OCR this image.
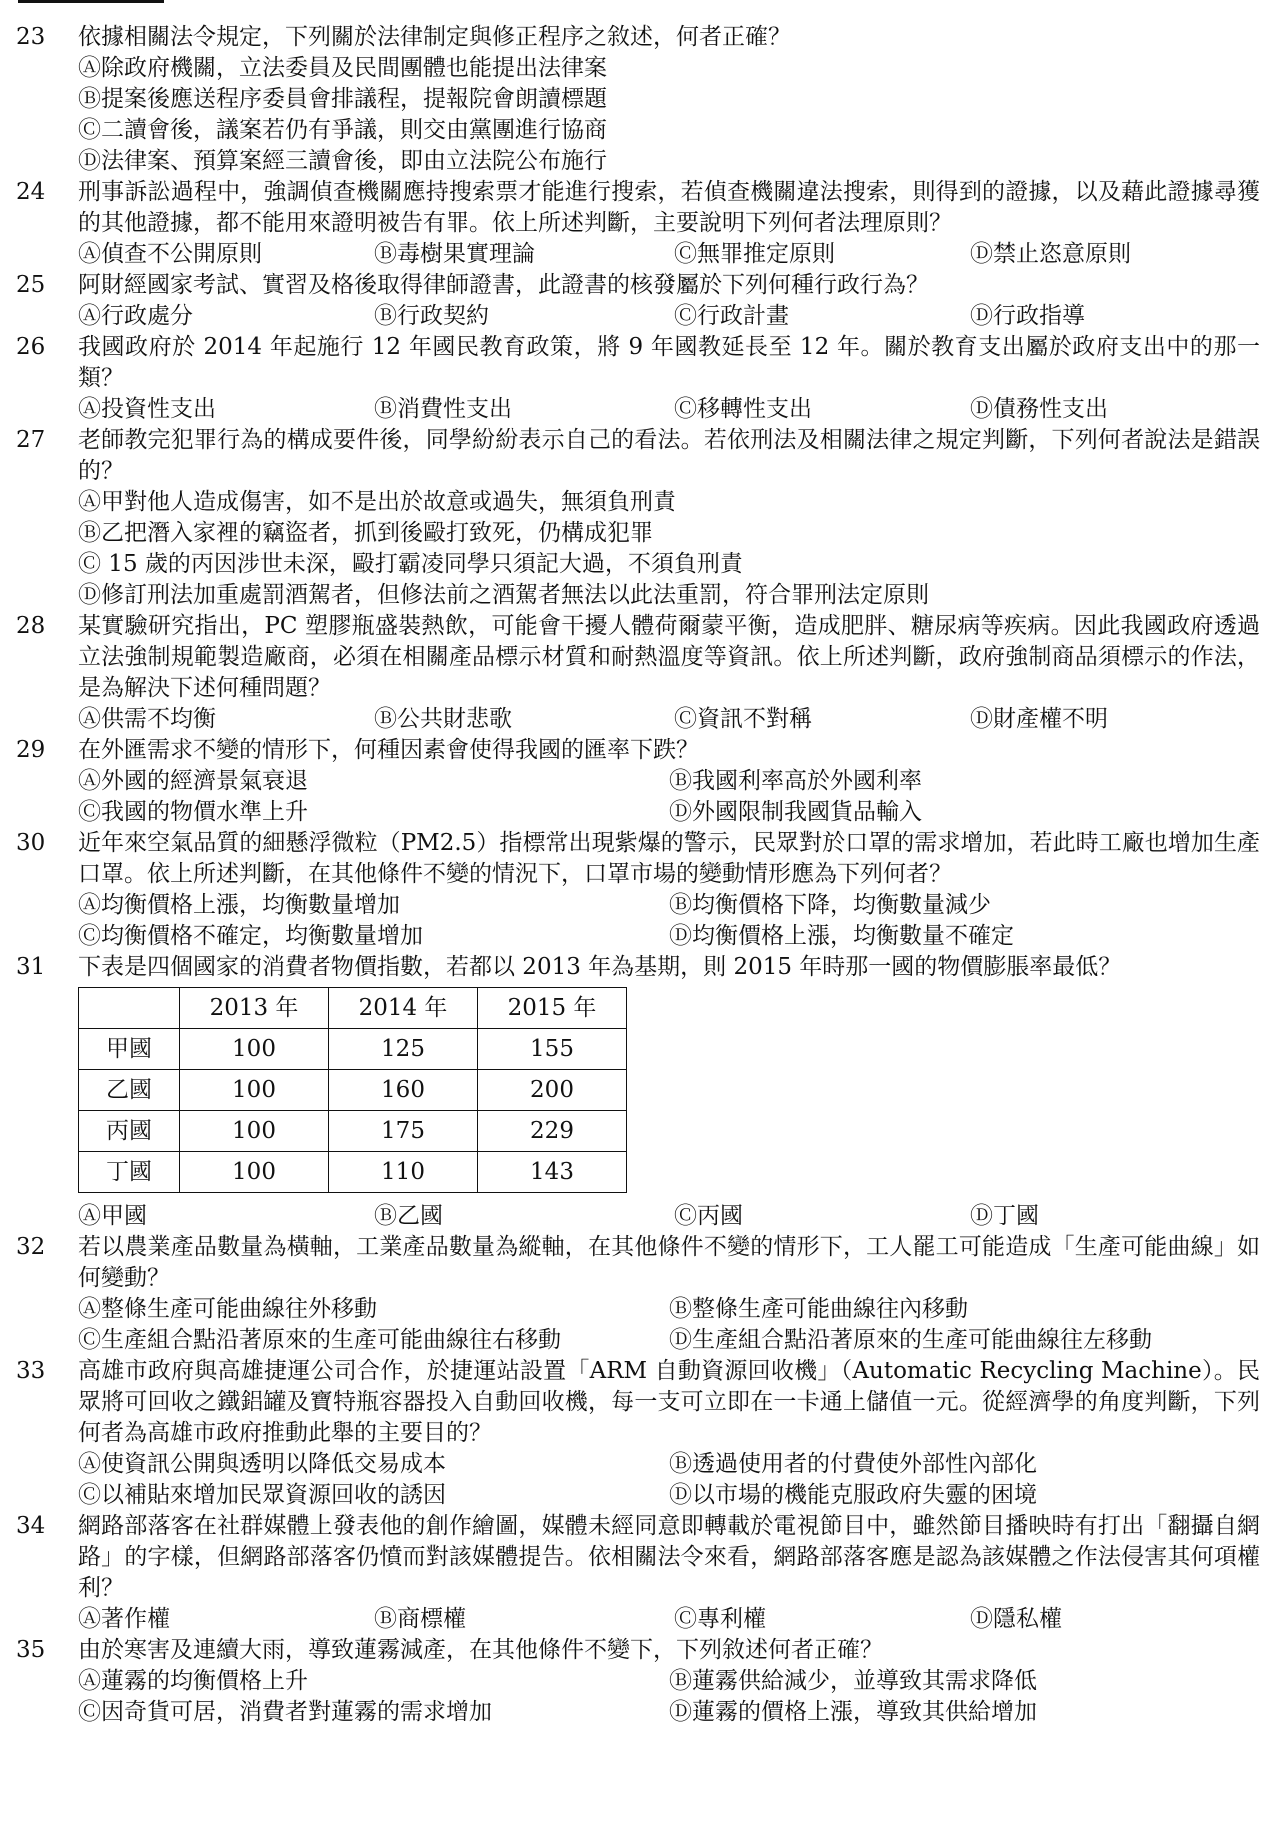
23	依據相關法令規定，下列關於法律制定與修正程序之敘述，何者正確？
Ⓐ除政府機關，立法委員及民間團體也能提出法律案
Ⓑ提案後應送程序委員會排議程，提報院會朗讀標題
Ⓒ二讀會後，議案若仍有爭議，則交由黨團進行協商
Ⓓ法律案、預算案經三讀會後，即由立法院公布施行
24	刑事訴訟過程中，強調偵查機關應持搜索票才能進行搜索，若偵查機關違法搜索，則得到的證據，以及藉此證據尋獲的其他證據，都不能用來證明被告有罪。依上所述判斷，主要說明下列何者法理原則？
Ⓐ偵查不公開原則	Ⓑ毒樹果實理論	Ⓒ無罪推定原則	Ⓓ禁止恣意原則
25	阿財經國家考試、實習及格後取得律師證書，此證書的核發屬於下列何種行政行為？
Ⓐ行政處分	Ⓑ行政契約	Ⓒ行政計畫	Ⓓ行政指導
26	我國政府於 2014 年起施行 12 年國民教育政策，將 9 年國教延長至 12 年。關於教育支出屬於政府支出中的那一類？
Ⓐ投資性支出	Ⓑ消費性支出	Ⓒ移轉性支出	Ⓓ債務性支出
27	老師教完犯罪行為的構成要件後，同學紛紛表示自己的看法。若依刑法及相關法律之規定判斷，下列何者說法是錯誤的？
Ⓐ甲對他人造成傷害，如不是出於故意或過失，無須負刑責
Ⓑ乙把潛入家裡的竊盜者，抓到後毆打致死，仍構成犯罪
Ⓒ 15 歲的丙因涉世未深，毆打霸凌同學只須記大過，不須負刑責
Ⓓ修訂刑法加重處罰酒駕者，但修法前之酒駕者無法以此法重罰，符合罪刑法定原則
28	某實驗研究指出，PC 塑膠瓶盛裝熱飲，可能會干擾人體荷爾蒙平衡，造成肥胖、糖尿病等疾病。因此我國政府透過立法強制規範製造廠商，必須在相關產品標示材質和耐熱溫度等資訊。依上所述判斷，政府強制商品須標示的作法，是為解決下述何種問題？
Ⓐ供需不均衡	Ⓑ公共財悲歌	Ⓒ資訊不對稱	Ⓓ財產權不明
29	在外匯需求不變的情形下，何種因素會使得我國的匯率下跌？
Ⓐ外國的經濟景氣衰退	Ⓑ我國利率高於外國利率
Ⓒ我國的物價水準上升	Ⓓ外國限制我國貨品輸入
30	近年來空氣品質的細懸浮微粒（PM2.5）指標常出現紫爆的警示，民眾對於口罩的需求增加，若此時工廠也增加生產口罩。依上所述判斷，在其他條件不變的情況下，口罩市場的變動情形應為下列何者？
Ⓐ均衡價格上漲，均衡數量增加	Ⓑ均衡價格下降，均衡數量減少
Ⓒ均衡價格不確定，均衡數量增加	Ⓓ均衡價格上漲，均衡數量不確定
31	下表是四個國家的消費者物價指數，若都以 2013 年為基期，則 2015 年時那一國的物價膨脹率最低？
	2013 年	2014 年	2015 年
甲國	100	125	155
乙國	100	160	200
丙國	100	175	229
丁國	100	110	143
Ⓐ甲國	Ⓑ乙國	Ⓒ丙國	Ⓓ丁國
32	若以農業產品數量為橫軸，工業產品數量為縱軸，在其他條件不變的情形下，工人罷工可能造成「生產可能曲線」如何變動？
Ⓐ整條生產可能曲線往外移動	Ⓑ整條生產可能曲線往內移動
Ⓒ生產組合點沿著原來的生產可能曲線往右移動	Ⓓ生產組合點沿著原來的生產可能曲線往左移動
33	高雄市政府與高雄捷運公司合作，於捷運站設置「ARM 自動資源回收機」（Automatic Recycling Machine）。民眾將可回收之鐵鋁罐及寶特瓶容器投入自動回收機，每一支可立即在一卡通上儲值一元。從經濟學的角度判斷，下列何者為高雄市政府推動此舉的主要目的？
Ⓐ使資訊公開與透明以降低交易成本	Ⓑ透過使用者的付費使外部性內部化
Ⓒ以補貼來增加民眾資源回收的誘因	Ⓓ以市場的機能克服政府失靈的困境
34	網路部落客在社群媒體上發表他的創作繪圖，媒體未經同意即轉載於電視節目中，雖然節目播映時有打出「翻攝自網路」的字樣，但網路部落客仍憤而對該媒體提告。依相關法令來看，網路部落客應是認為該媒體之作法侵害其何項權利？
Ⓐ著作權	Ⓑ商標權	Ⓒ專利權	Ⓓ隱私權
35	由於寒害及連續大雨，導致蓮霧減產，在其他條件不變下，下列敘述何者正確？
Ⓐ蓮霧的均衡價格上升	Ⓑ蓮霧供給減少，並導致其需求降低
Ⓒ因奇貨可居，消費者對蓮霧的需求增加	Ⓓ蓮霧的價格上漲，導致其供給增加
